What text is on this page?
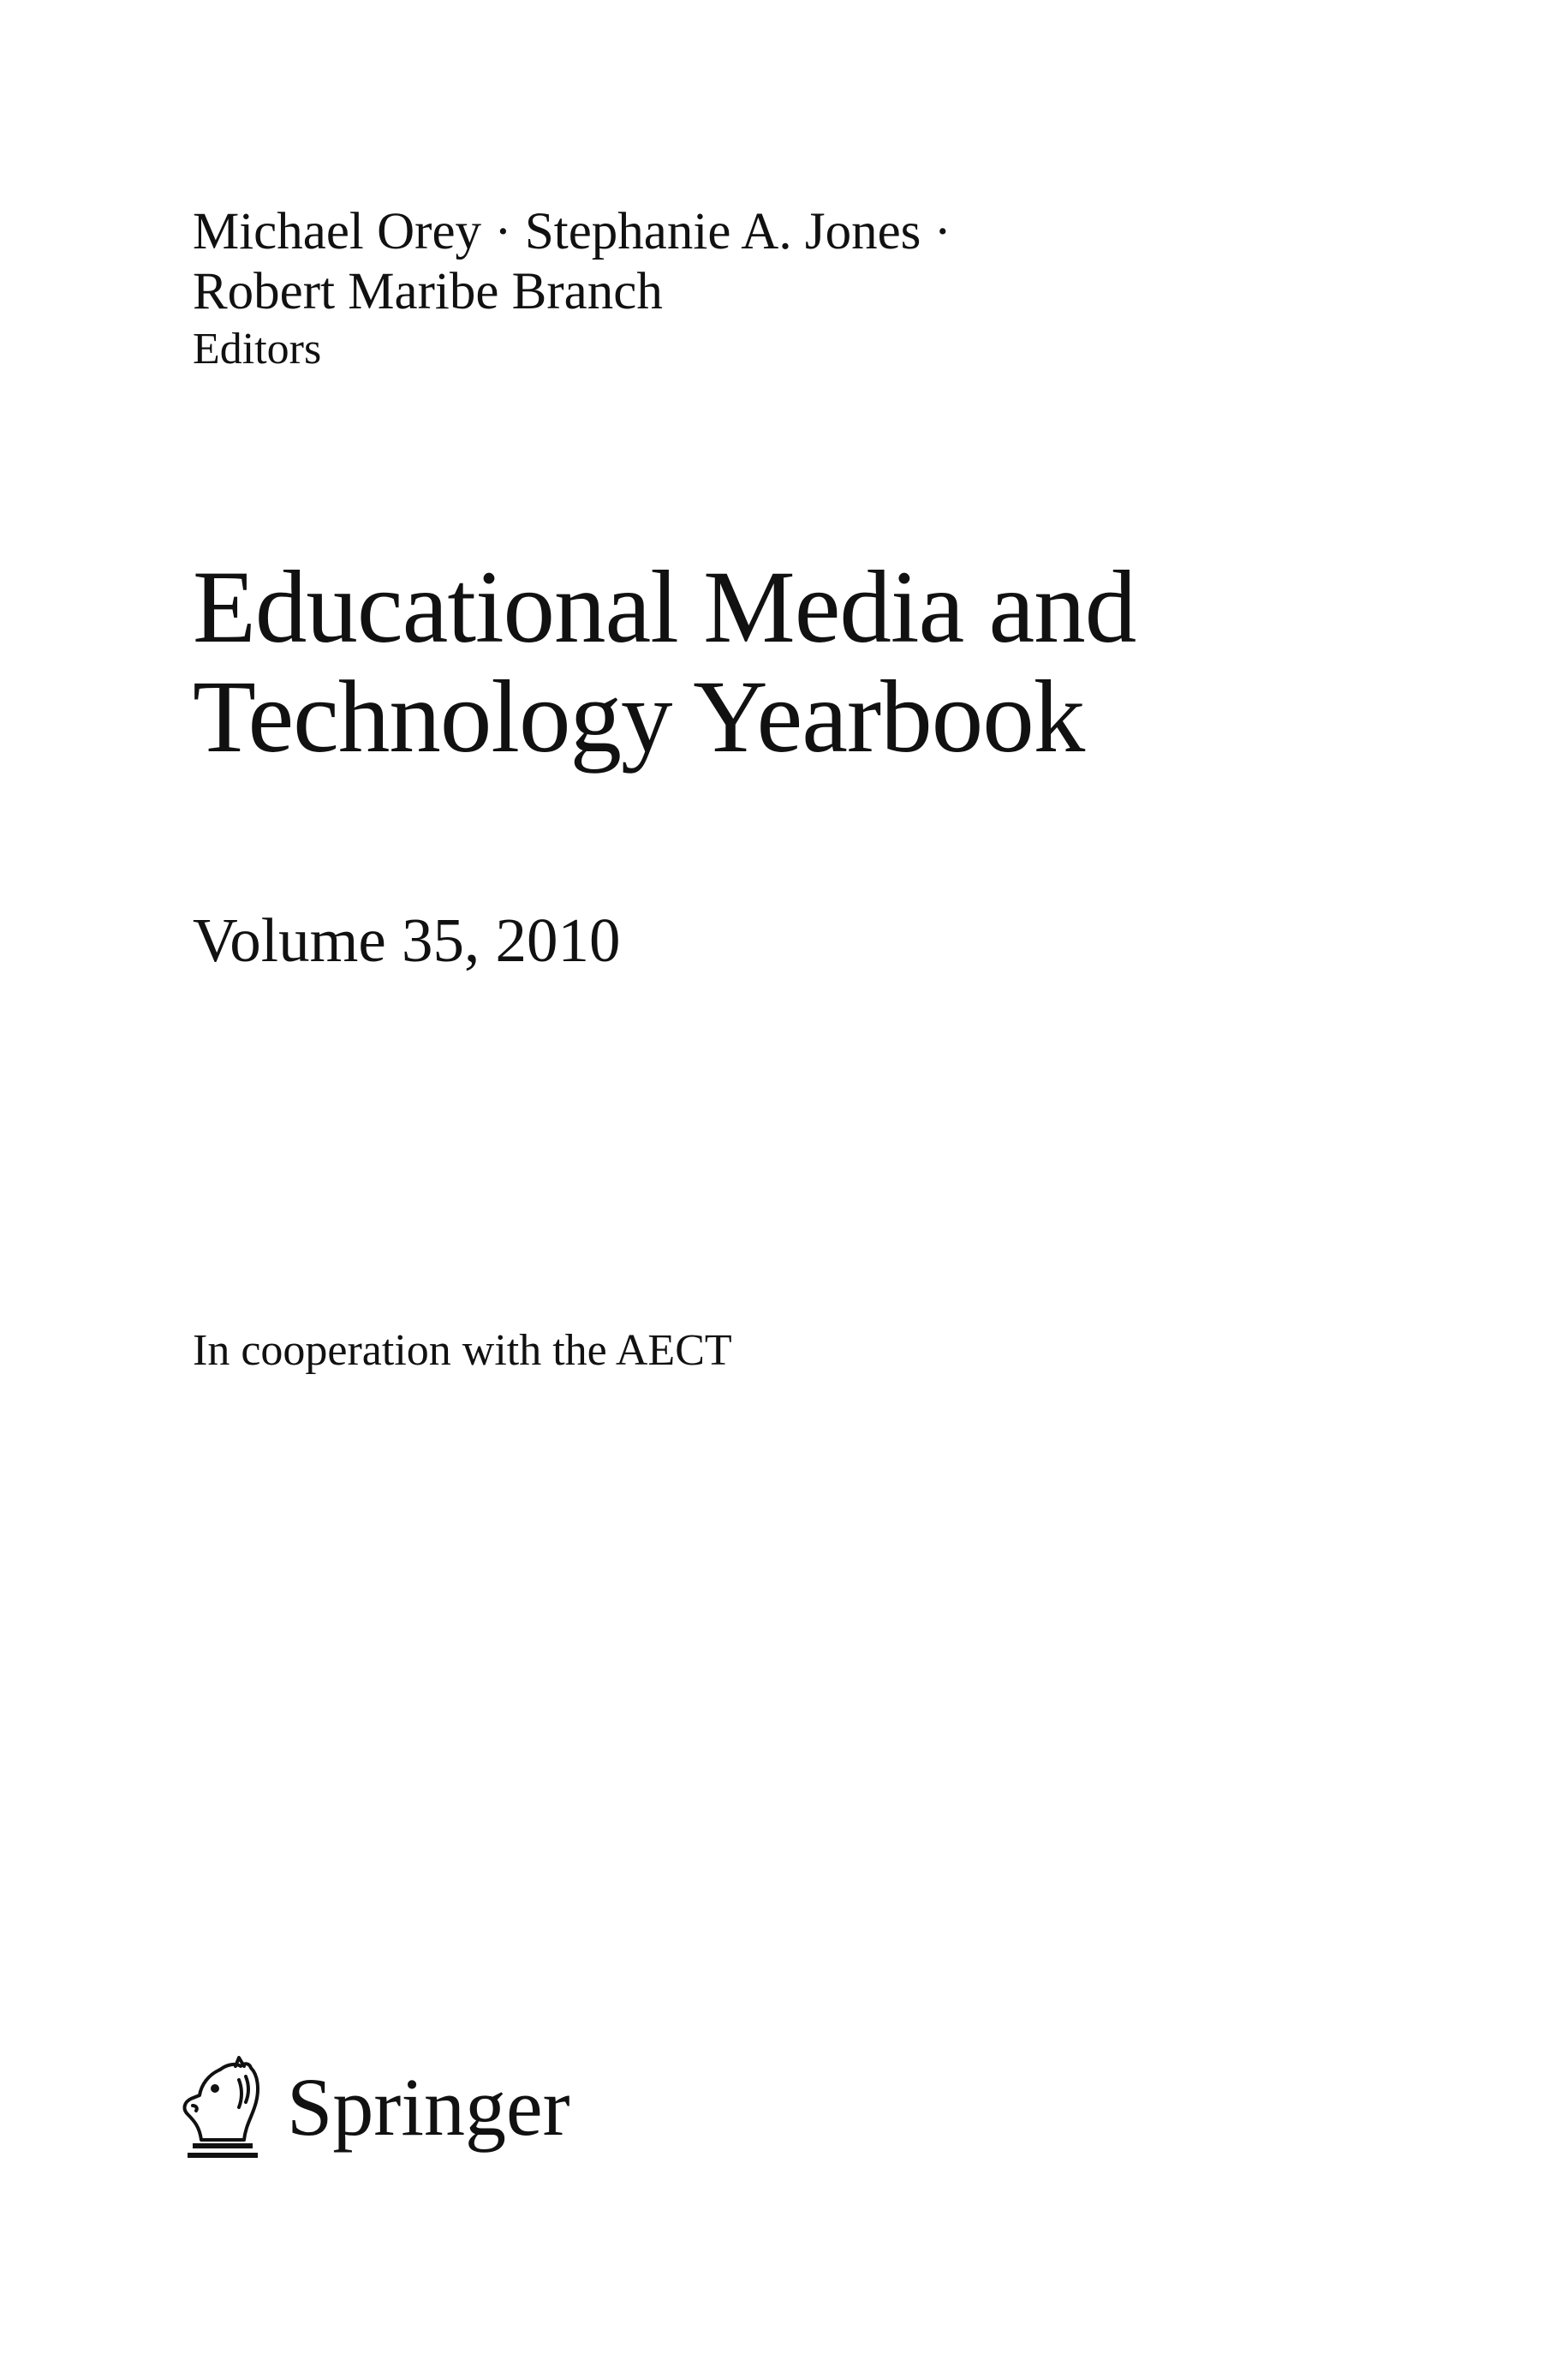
Michael Orey · Stephanie A. Jones ·
Robert Maribe Branch
Editors
Educational Media and
Technology Yearbook
Volume 35, 2010
In cooperation with the AECT
Springer
